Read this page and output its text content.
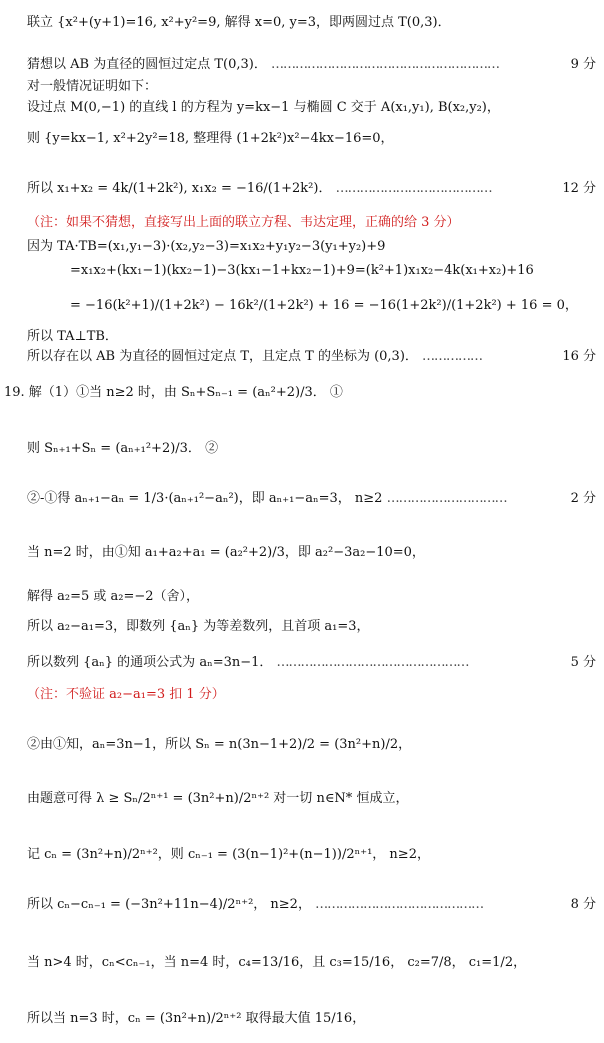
联立 {x²+(y+1)=16, x²+y²=9, 解得 x=0, y=3，即两圆过点 T(0,3)．
猜想以 AB 为直径的圆恒过定点 T(0,3)． …………………………………………………	9 分
对一般情况证明如下：
设过点 M(0,−1) 的直线 l 的方程为 y=kx−1 与椭圆 C 交于 A(x₁,y₁), B(x₂,y₂)，
则 {y=kx−1, x²+2y²=18, 整理得 (1+2k²)x²−4kx−16=0，
所以 x₁+x₂ = 4k/(1+2k²), x₁x₂ = −16/(1+2k²)． …………………………………	12 分
（注：如果不猜想，直接写出上面的联立方程、韦达定理，正确的给 3 分）
因为 TA·TB=(x₁,y₁−3)·(x₂,y₂−3)=x₁x₂+y₁y₂−3(y₁+y₂)+9
=x₁x₂+(kx₁−1)(kx₂−1)−3(kx₁−1+kx₂−1)+9=(k²+1)x₁x₂−4k(x₁+x₂)+16
= −16(k²+1)/(1+2k²) − 16k²/(1+2k²) + 16 = −16(1+2k²)/(1+2k²) + 16 = 0，
所以 TA⊥TB．
所以存在以 AB 为直径的圆恒过定点 T，且定点 T 的坐标为 (0,3)． ……………	16 分
19. 解（1）①当 n≥2 时，由 Sₙ+Sₙ₋₁ = (aₙ²+2)/3． ①
则 Sₙ₊₁+Sₙ = (aₙ₊₁²+2)/3． ②
②-①得 aₙ₊₁−aₙ = 1/3·(aₙ₊₁²−aₙ²)，即 aₙ₊₁−aₙ=3， n≥2 …………………………	2 分
当 n=2 时，由①知 a₁+a₂+a₁ = (a₂²+2)/3，即 a₂²−3a₂−10=0，
解得 a₂=5 或 a₂=−2（舍），
所以 a₂−a₁=3，即数列 {aₙ} 为等差数列，且首项 a₁=3，
所以数列 {aₙ} 的通项公式为 aₙ=3n−1． …………………………………………	5 分
（注：不验证 a₂−a₁=3 扣 1 分）
②由①知，aₙ=3n−1，所以 Sₙ = n(3n−1+2)/2 = (3n²+n)/2，
由题意可得 λ ≥ Sₙ/2ⁿ⁺¹ = (3n²+n)/2ⁿ⁺² 对一切 n∈N* 恒成立，
记 cₙ = (3n²+n)/2ⁿ⁺²，则 cₙ₋₁ = (3(n−1)²+(n−1))/2ⁿ⁺¹， n≥2，
所以 cₙ−cₙ₋₁ = (−3n²+11n−4)/2ⁿ⁺²， n≥2， ……………………………………	8 分
当 n>4 时，cₙ<cₙ₋₁，当 n=4 时，c₄=13/16，且 c₃=15/16， c₂=7/8， c₁=1/2，
所以当 n=3 时，cₙ = (3n²+n)/2ⁿ⁺² 取得最大值 15/16，
